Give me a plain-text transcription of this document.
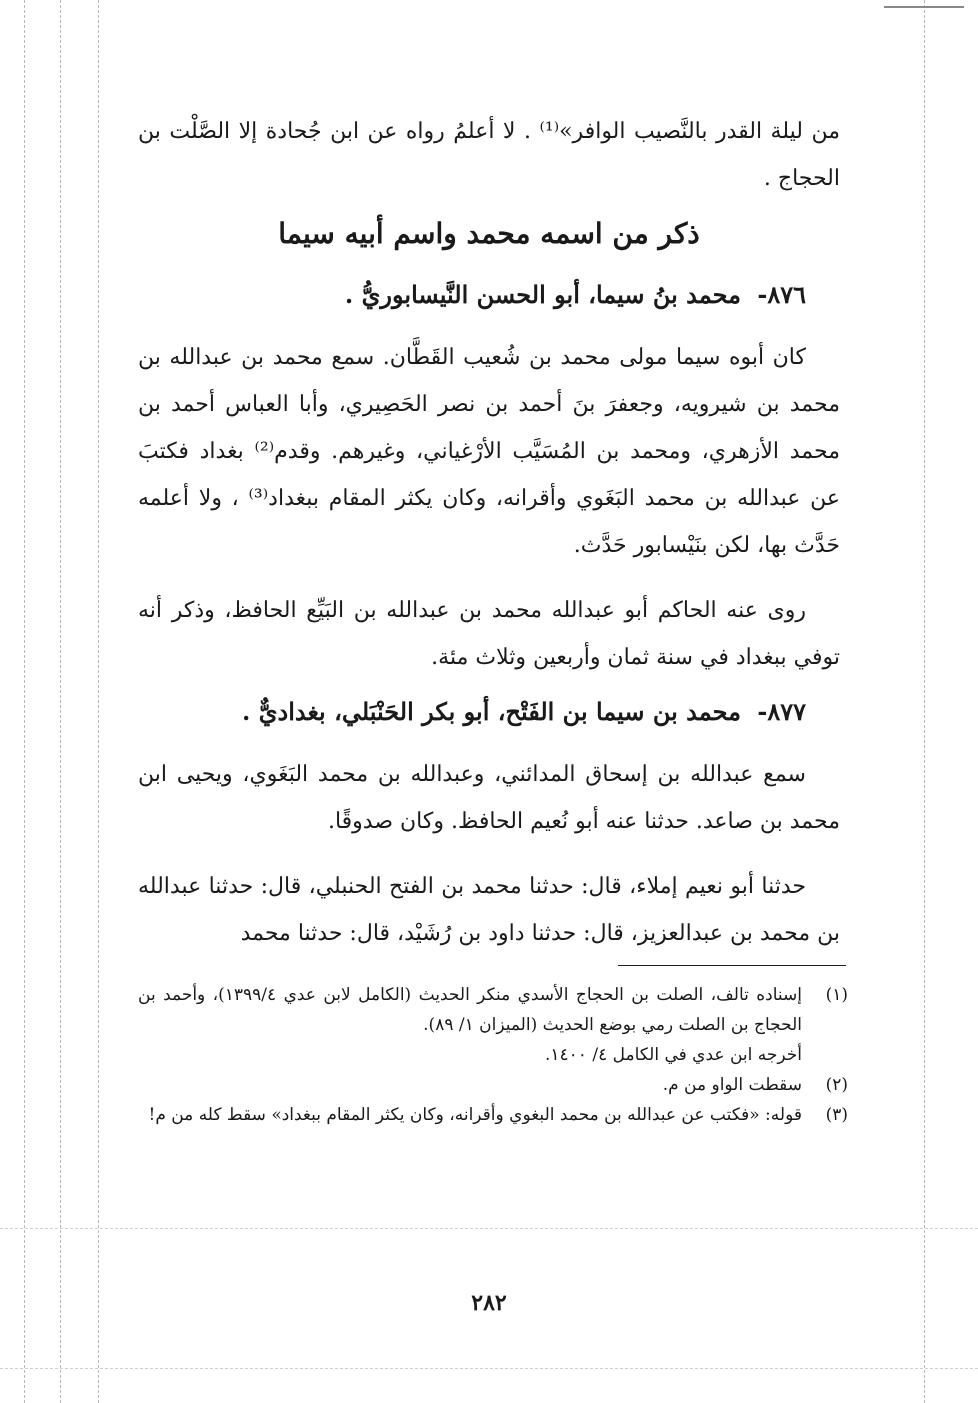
من ليلة القدر بالنَّصيب الوافر»⁽¹⁾ . لا أعلمُ رواه عن ابن جُحادة إلا الصَّلْت بن الحجاج .

ذكر من اسمه محمد واسم أبيه سيما
٨٧٦- محمد بنُ سيما، أبو الحسن النَّيسابوريُّ .

كان أبوه سيما مولى محمد بن شُعيب القَطَّان. سمع محمد بن عبدالله بن محمد بن شيرويه، وجعفرَ بنَ أحمد بن نصر الحَصِيري، وأبا العباس أحمد بن محمد الأزهري، ومحمد بن المُسَيَّب الأرْغياني، وغيرهم. وقدم⁽²⁾ بغداد فكتبَ عن عبدالله بن محمد البَغَوي وأقرانه، وكان يكثر المقام ببغداد⁽³⁾ ، ولا أعلمه حَدَّث بها، لكن بنَيْسابور حَدَّث.

روى عنه الحاكم أبو عبدالله محمد بن عبدالله بن البَيِّع الحافظ، وذكر أنه توفي ببغداد في سنة ثمان وأربعين وثلاث مئة.

٨٧٧- محمد بن سيما بن الفَتْح، أبو بكر الحَنْبَلي، بغداديٌّ .

سمع عبدالله بن إسحاق المدائني، وعبدالله بن محمد البَغَوي، ويحيى ابن محمد بن صاعد. حدثنا عنه أبو نُعيم الحافظ. وكان صدوقًا.

حدثنا أبو نعيم إملاء، قال: حدثنا محمد بن الفتح الحنبلي، قال: حدثنا عبدالله بن محمد بن عبدالعزيز، قال: حدثنا داود بن رُشَيْد، قال: حدثنا محمد

(١)
إسناده تالف، الصلت بن الحجاج الأسدي منكر الحديث (الكامل لابن عدي ١٣٩٩/٤)، وأحمد بن الحجاج بن الصلت رمي بوضع الحديث (الميزان ١/ ٨٩).
أخرجه ابن عدي في الكامل ٤/ ١٤٠٠.
(٢)
سقطت الواو من م.
(٣)
قوله: «فكتب عن عبدالله بن محمد البغوي وأقرانه، وكان يكثر المقام ببغداد» سقط كله من م!
٢٨٢
